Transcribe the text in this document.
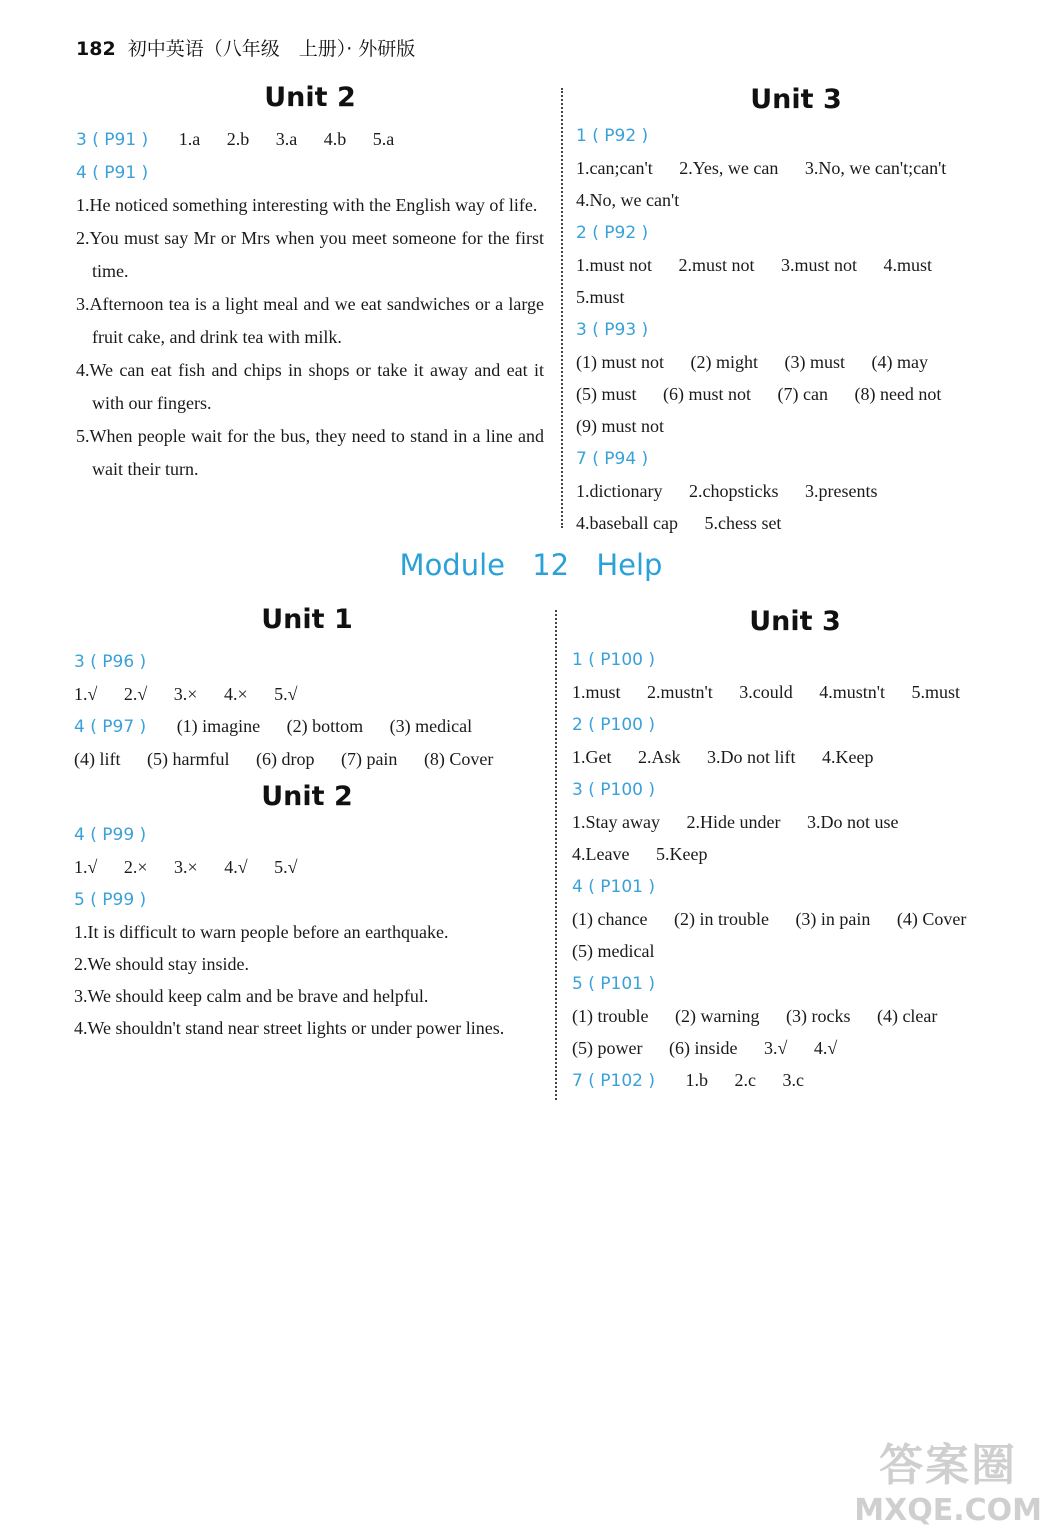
182 初中英语（八年级　上册）· 外研版
Unit 2
3 ( P91 ) 1.a 2.b 3.a 4.b 5.a
4 ( P91 )
1.He noticed something interesting with the English way of life.
2.You must say Mr or Mrs when you meet someone for the first time.
3.Afternoon tea is a light meal and we eat sandwiches or a large fruit cake, and drink tea with milk.
4.We can eat fish and chips in shops or take it away and eat it with our fingers.
5.When people wait for the bus, they need to stand in a line and wait their turn.
Unit 3
1 ( P92 )
1.can;can't 2.Yes, we can 3.No, we can't;can't
4.No, we can't
2 ( P92 )
1.must not 2.must not 3.must not 4.must
5.must
3 ( P93 )
(1) must not (2) might (3) must (4) may
(5) must (6) must not (7) can (8) need not
(9) must not
7 ( P94 )
1.dictionary 2.chopsticks 3.presents
4.baseball cap 5.chess set
Module 12 Help
Unit 1
3 ( P96 )
1.√ 2.√ 3.× 4.× 5.√
4 ( P97 ) (1) imagine (2) bottom (3) medical
(4) lift (5) harmful (6) drop (7) pain (8) Cover
Unit 2
4 ( P99 )
1.√ 2.× 3.× 4.√ 5.√
5 ( P99 )
1.It is difficult to warn people before an earthquake.
2.We should stay inside.
3.We should keep calm and be brave and helpful.
4.We shouldn't stand near street lights or under power lines.
Unit 3
1 ( P100 )
1.must 2.mustn't 3.could 4.mustn't 5.must
2 ( P100 )
1.Get 2.Ask 3.Do not lift 4.Keep
3 ( P100 )
1.Stay away 2.Hide under 3.Do not use
4.Leave 5.Keep
4 ( P101 )
(1) chance (2) in trouble (3) in pain (4) Cover
(5) medical
5 ( P101 )
(1) trouble (2) warning (3) rocks (4) clear
(5) power (6) inside 3.√ 4.√
7 ( P102 ) 1.b 2.c 3.c
答案圈
MXQE.COM
